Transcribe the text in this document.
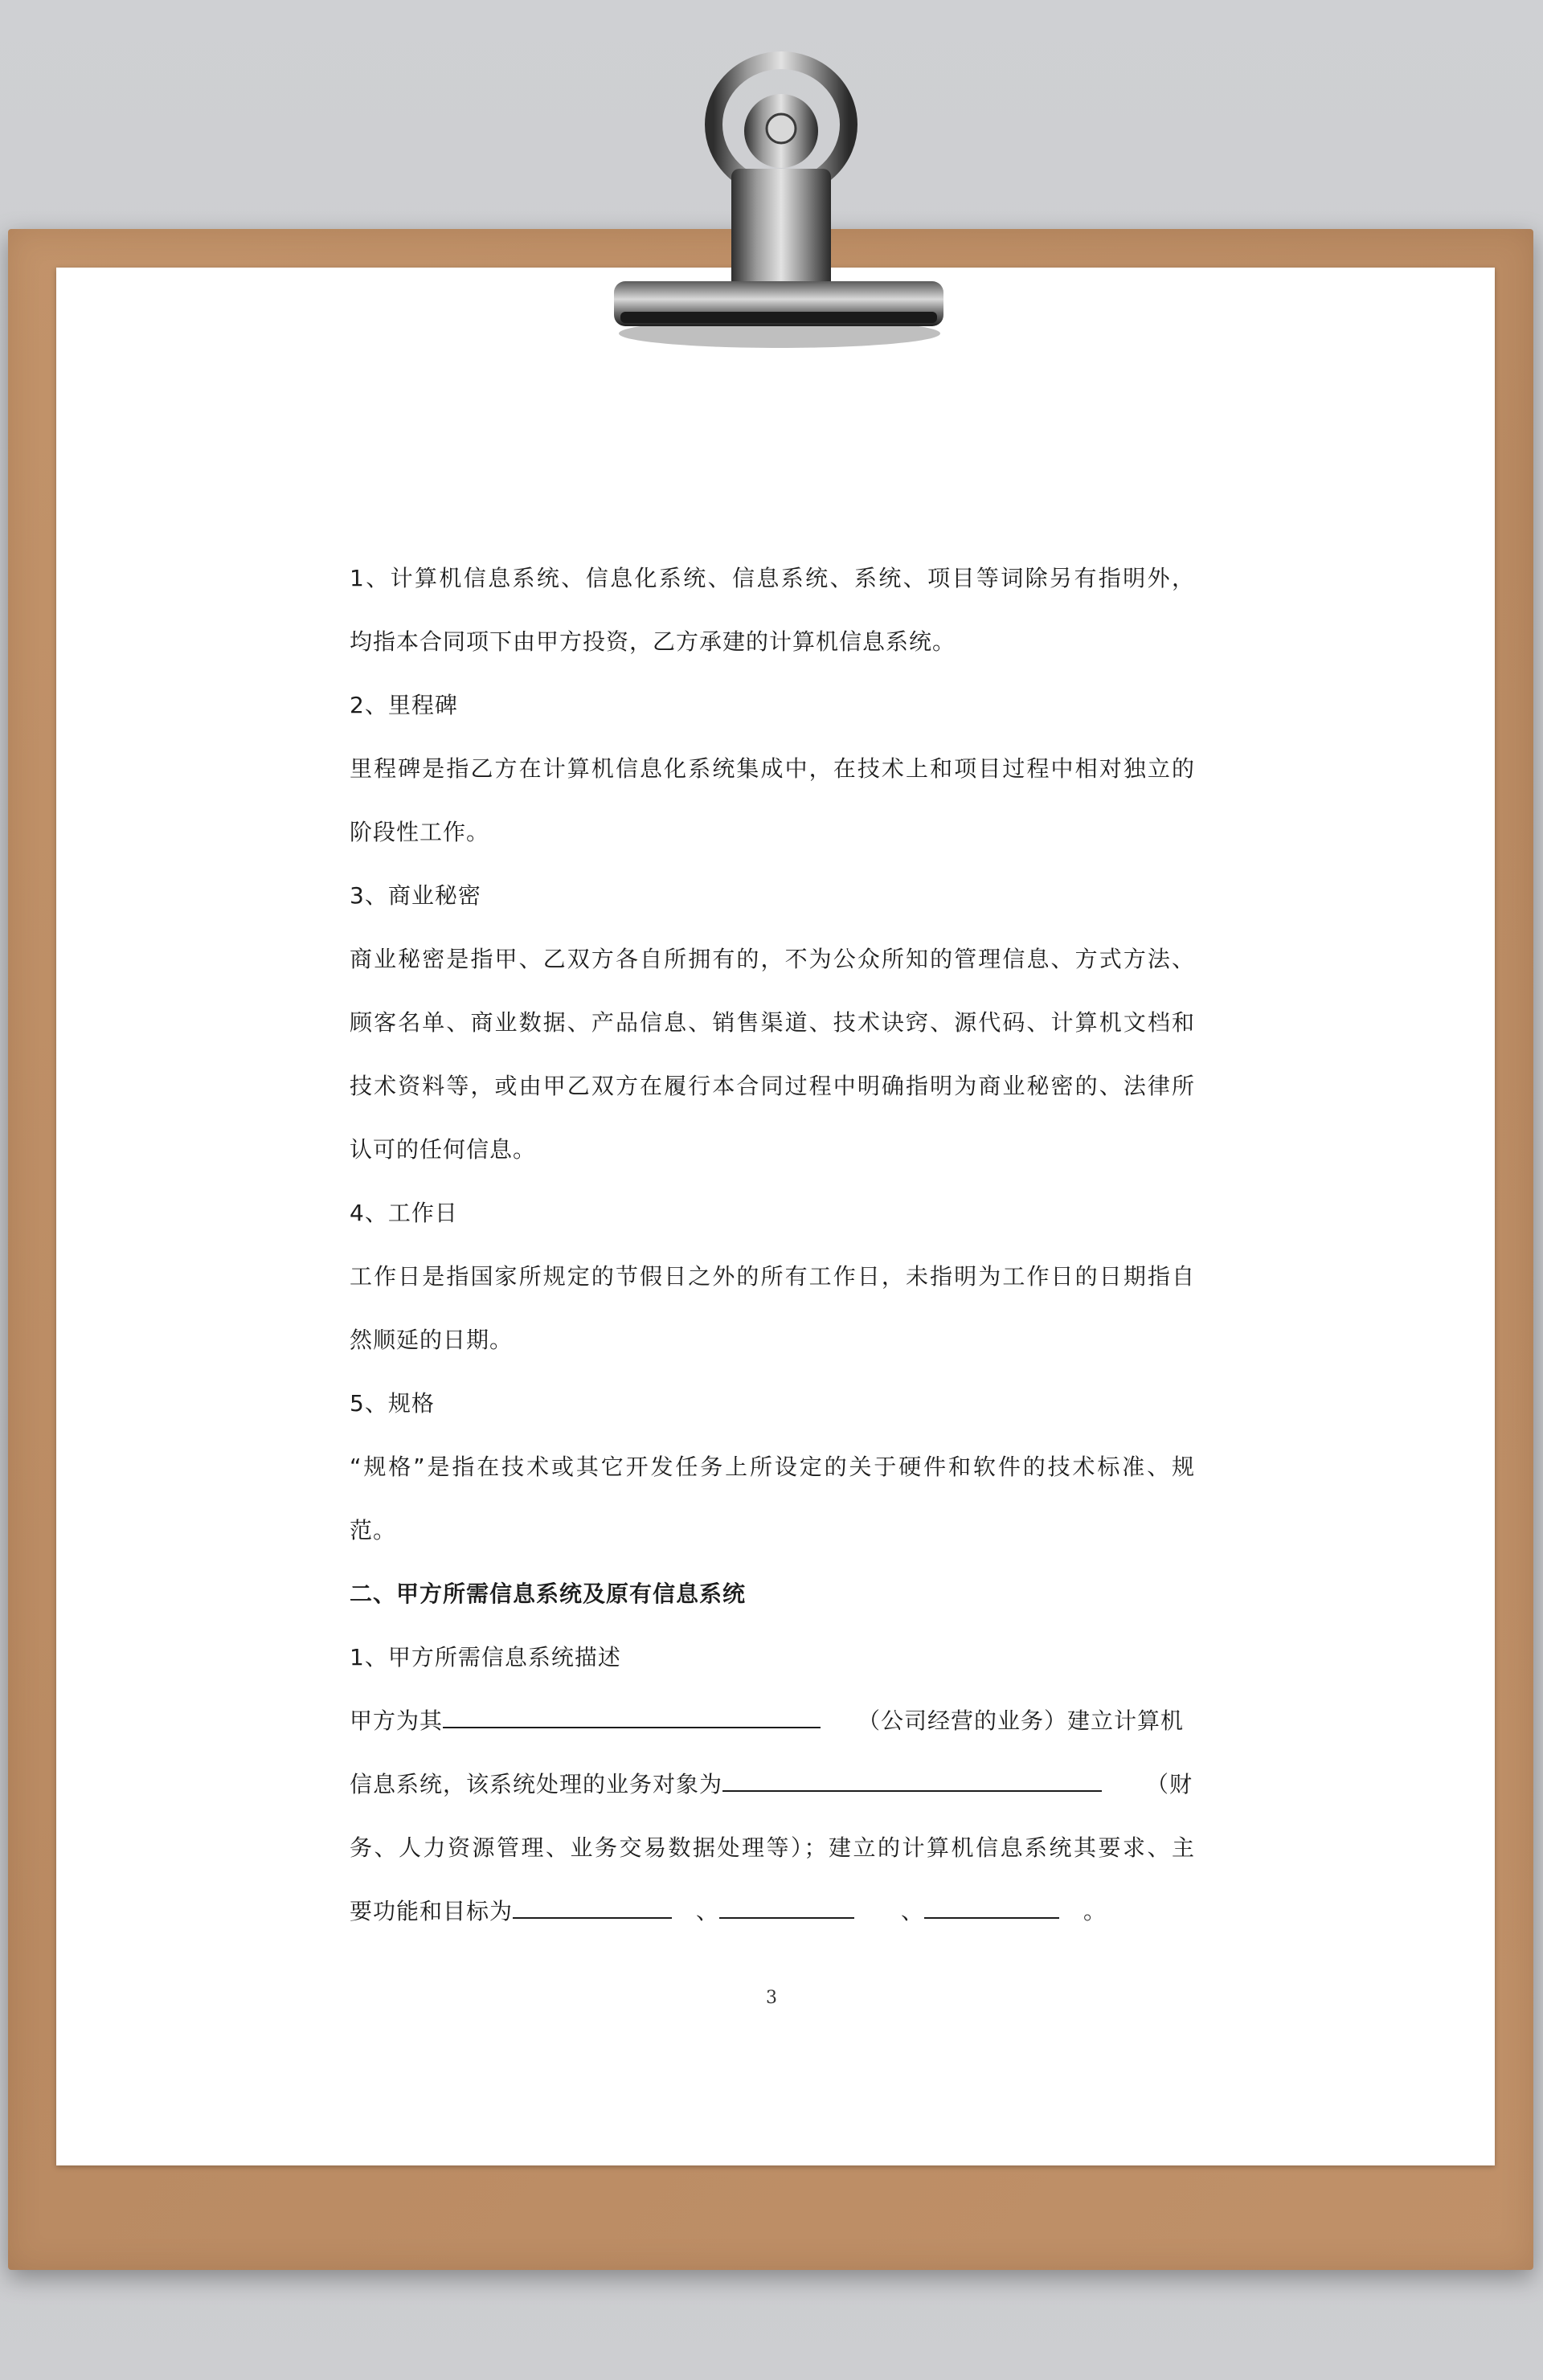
1、计算机信息系统、信息化系统、信息系统、系统、项目等词除另有指明外，
均指本合同项下由甲方投资，乙方承建的计算机信息系统。
2、里程碑
里程碑是指乙方在计算机信息化系统集成中，在技术上和项目过程中相对独立的
阶段性工作。
3、商业秘密
商业秘密是指甲、乙双方各自所拥有的，不为公众所知的管理信息、方式方法、
顾客名单、商业数据、产品信息、销售渠道、技术诀窍、源代码、计算机文档和
技术资料等，或由甲乙双方在履行本合同过程中明确指明为商业秘密的、法律所
认可的任何信息。
4、工作日
工作日是指国家所规定的节假日之外的所有工作日，未指明为工作日的日期指自
然顺延的日期。
5、规格
“规格”是指在技术或其它开发任务上所设定的关于硬件和软件的技术标准、规
范。
二、甲方所需信息系统及原有信息系统
1、甲方所需信息系统描述
甲方为其	（公司经营的业务）建立计算机
信息系统，该系统处理的业务对象为	（财
务、人力资源管理、业务交易数据处理等）；建立的计算机信息系统其要求、主
要功能和目标为	、	、	。
3
